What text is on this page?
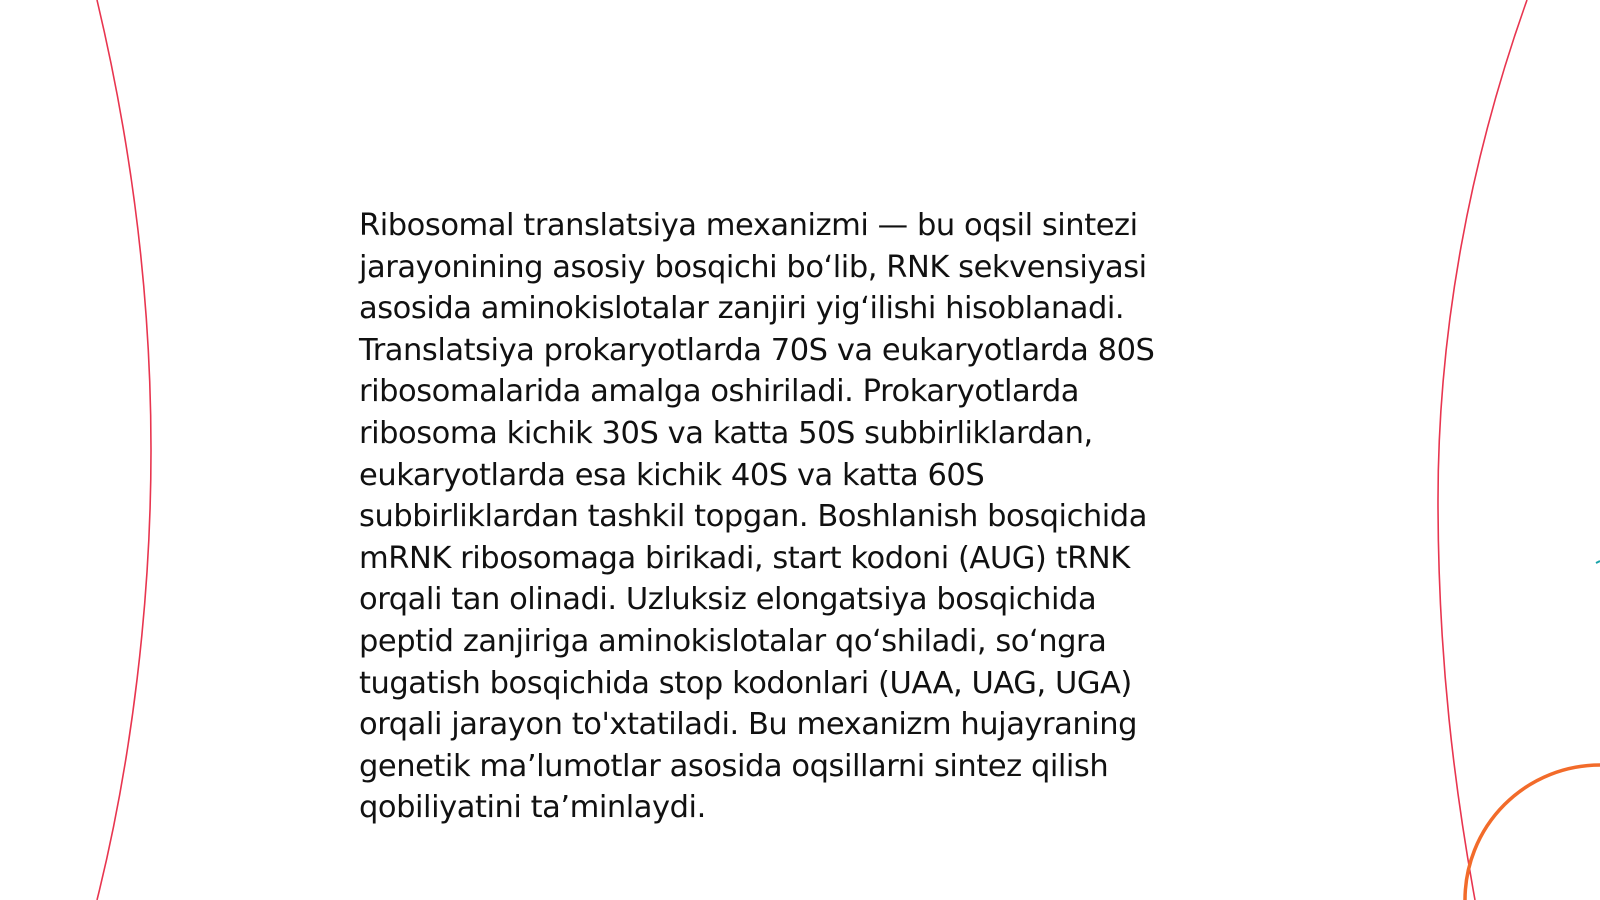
Ribosomal translatsiya mexanizmi — bu oqsil sintezi
jarayonining asosiy bosqichi bo‘lib, RNK sekvensiyasi
asosida aminokislotalar zanjiri yig‘ilishi hisoblanadi.
Translatsiya prokaryotlarda 70S va eukaryotlarda 80S
ribosomalarida amalga oshiriladi. Prokaryotlarda
ribosoma kichik 30S va katta 50S subbirliklardan,
eukaryotlarda esa kichik 40S va katta 60S
subbirliklardan tashkil topgan. Boshlanish bosqichida
mRNK ribosomaga birikadi, start kodoni (AUG) tRNK
orqali tan olinadi. Uzluksiz elongatsiya bosqichida
peptid zanjiriga aminokislotalar qo‘shiladi, so‘ngra
tugatish bosqichida stop kodonlari (UAA, UAG, UGA)
orqali jarayon to'xtatiladi. Bu mexanizm hujayraning
genetik ma’lumotlar asosida oqsillarni sintez qilish
qobiliyatini ta’minlaydi.
